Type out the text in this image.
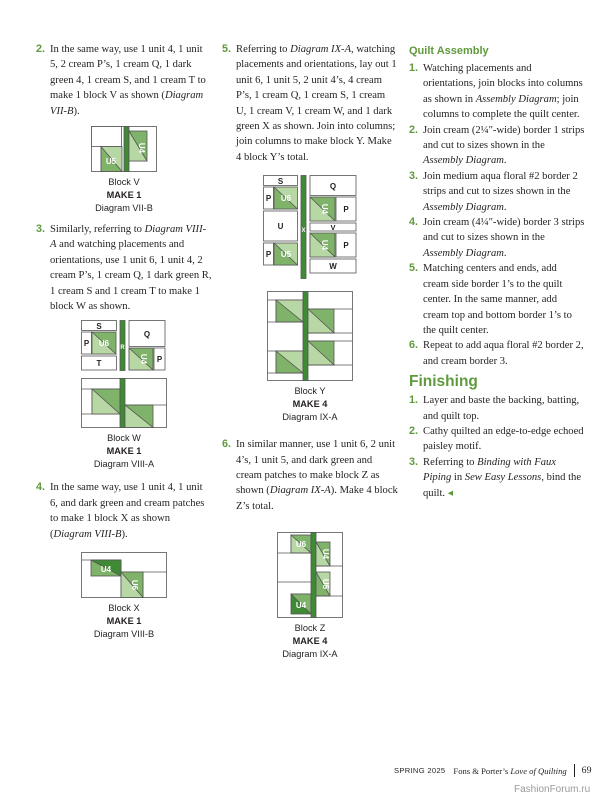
2. In the same way, use 1 unit 4, 1 unit 5, 2 cream P’s, 1 cream Q, 1 dark green 4, 1 cream S, and 1 cream T to make 1 block V as shown (Diagram VII-B).
U5
U4
Block V
MAKE 1
Diagram VII-B
3. Similarly, referring to Diagram VIII-A and watching placements and orientations, use 1 unit 6, 1 unit 4, 2 cream P’s, 1 cream Q, 1 dark green R, 1 cream S and 1 cream T to make 1 block W as shown.
S
P U6 R
Q
U4 P
T
Block W
MAKE 1
Diagram VIII-A
4. In the same way, use 1 unit 4, 1 unit 6, and dark green and cream patches to make 1 block X as shown (Diagram VIII-B).
U4
U6
Block X
MAKE 1
Diagram VIII-B
5. Referring to Diagram IX-A, watching placements and orientations, lay out 1 unit 6, 1 unit 5, 2 unit 4’s, 4 cream P’s, 1 cream Q, 1 cream S, 1 cream U, 1 cream V, 1 cream W, and 1 dark green X as shown. Join into columns; join columns to make block Y. Make 4 block Y’s total.
S
Q
P U6
U4 P
U	X	V
U4 P
P U5
W
Block Y
MAKE 4
Diagram IX-A
6. In similar manner, use 1 unit 6, 2 unit 4’s, 1 unit 5, and dark green and cream patches to make block Z as shown (Diagram IX-A). Make 4 block Z’s total.
U6
U4
U5
U4
Block Z
MAKE 4
Diagram IX-A
Quilt Assembly
1. Watching placements and orientations, join blocks into columns as shown in Assembly Diagram; join columns to complete the quilt center.
2. Join cream (2¼"-wide) border 1 strips and cut to sizes shown in the Assembly Diagram.
3. Join medium aqua floral #2 border 2 strips and cut to sizes shown in the Assembly Diagram.
4. Join cream (4¼"-wide) border 3 strips and cut to sizes shown in the Assembly Diagram.
5. Matching centers and ends, add cream side border 1’s to the quilt center. In the same manner, add cream top and bottom border 1’s to the quilt center.
6. Repeat to add aqua floral #2 border 2, and cream border 3.
Finishing
1. Layer and baste the backing, batting, and quilt top.
2. Cathy quilted an edge-to-edge echoed paisley motif.
3. Referring to Binding with Faux Piping in Sew Easy Lessons, bind the quilt. ◂
SPRING 2025 Fons & Porter’s Love of Quilting 69
FashionForum.ru
